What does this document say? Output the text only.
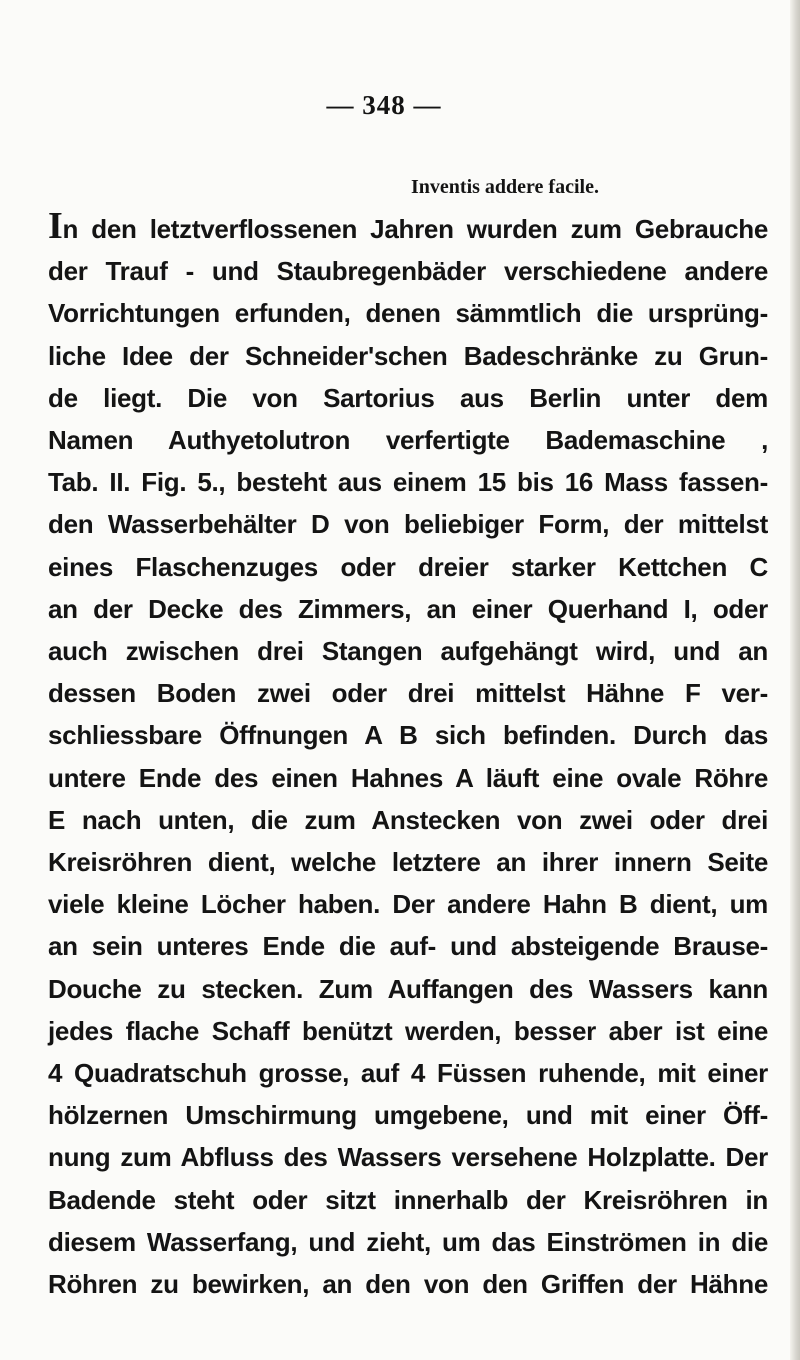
— 348 —
Inventis addere facile.
In den letztverflossenen Jahren wurden zum Gebrauche
der Trauf - und Staubregenbäder verschiedene andere
Vorrichtungen erfunden, denen sämmtlich die ursprüng-
liche Idee der Schneider'schen Badeschränke zu Grun-
de liegt. Die von Sartorius aus Berlin unter dem
Namen Authyetolutron verfertigte Bademaschine ,
Tab. II. Fig. 5., besteht aus einem 15 bis 16 Mass fassen-
den Wasserbehälter D von beliebiger Form, der mittelst
eines Flaschenzuges oder dreier starker Kettchen C
an der Decke des Zimmers, an einer Querhand I, oder
auch zwischen drei Stangen aufgehängt wird, und an
dessen Boden zwei oder drei mittelst Hähne F ver-
schliessbare Öffnungen A B sich befinden. Durch das
untere Ende des einen Hahnes A läuft eine ovale Röhre
E nach unten, die zum Anstecken von zwei oder drei
Kreisröhren dient, welche letztere an ihrer innern Seite
viele kleine Löcher haben. Der andere Hahn B dient, um
an sein unteres Ende die auf- und absteigende Brause-
Douche zu stecken. Zum Auffangen des Wassers kann
jedes flache Schaff benützt werden, besser aber ist eine
4 Quadratschuh grosse, auf 4 Füssen ruhende, mit einer
hölzernen Umschirmung umgebene, und mit einer Öff-
nung zum Abfluss des Wassers versehene Holzplatte. Der
Badende steht oder sitzt innerhalb der Kreisröhren in
diesem Wasserfang, und zieht, um das Einströmen in die
Röhren zu bewirken, an den von den Griffen der Hähne
